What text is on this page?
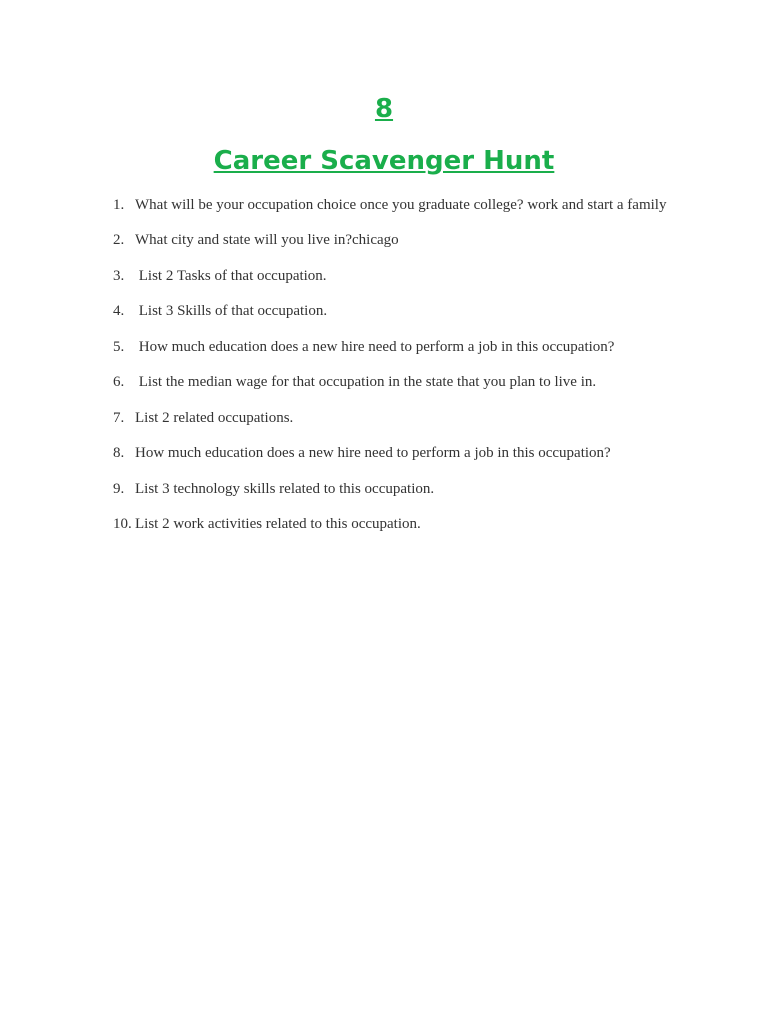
8
Career Scavenger Hunt
1. What will be your occupation choice once you graduate college? work and start a family
2. What city and state will you live in?chicago
3. List 2 Tasks of that occupation.
4. List 3 Skills of that occupation.
5. How much education does a new hire need to perform a job in this occupation?
6. List the median wage for that occupation in the state that you plan to live in.
7. List 2 related occupations.
8. How much education does a new hire need to perform a job in this occupation?
9. List 3 technology skills related to this occupation.
10. List 2 work activities related to this occupation.
